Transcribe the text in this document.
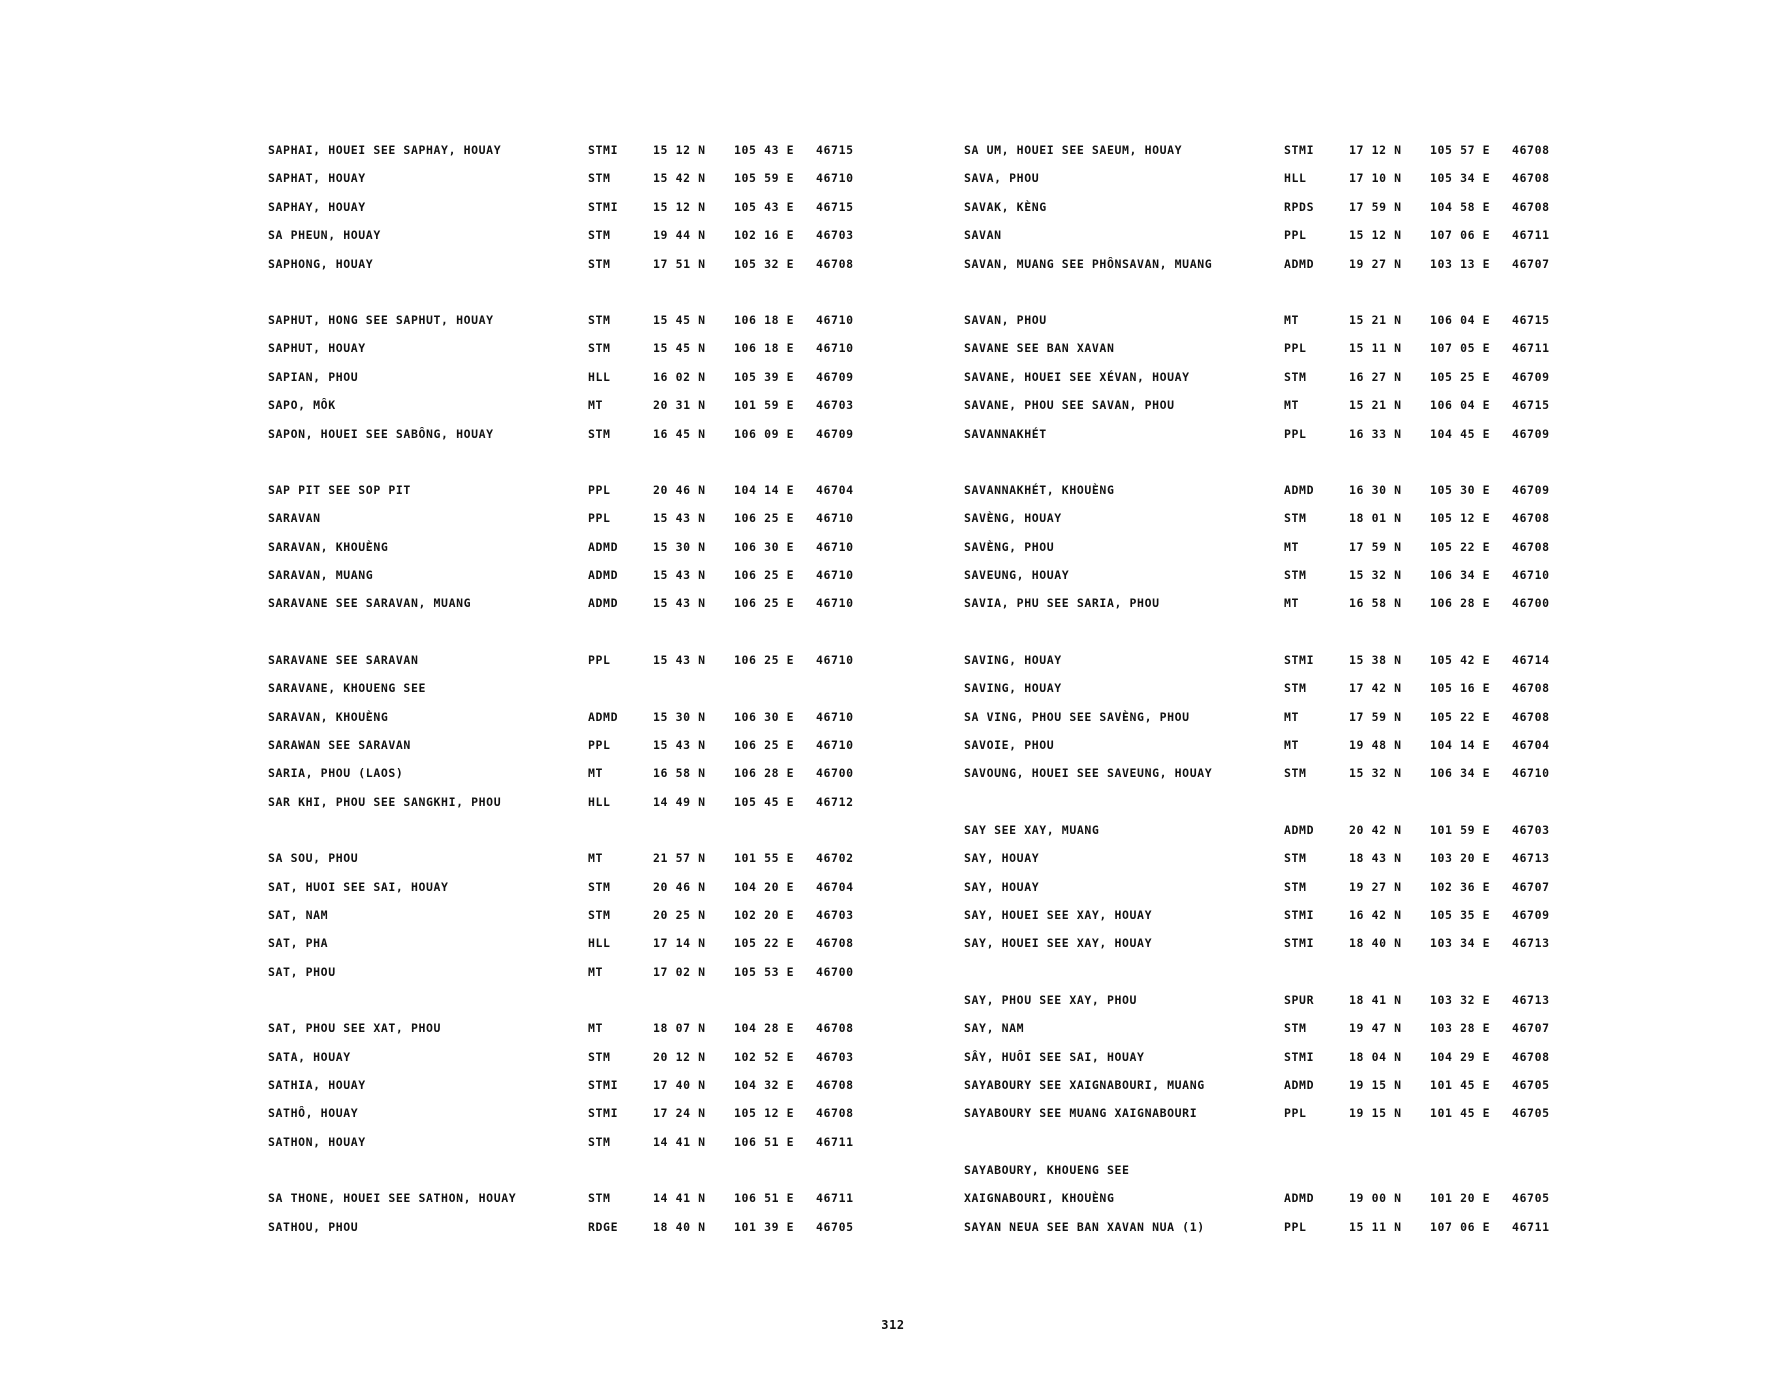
SAPHAI, HOUEI SEE SAPHAY, HOUAY	STMI	15 12 N 105 43 E 46715
SAPHAT, HOUAY	STM	15 42 N 105 59 E 46710
SAPHAY, HOUAY	STMI	15 12 N 105 43 E 46715
SA PHEUN, HOUAY	STM	19 44 N 102 16 E 46703
SAPHONG, HOUAY	STM	17 51 N 105 32 E 46708
SAPHUT, HONG SEE SAPHUT, HOUAY	STM	15 45 N 106 18 E 46710
SAPHUT, HOUAY	STM	15 45 N 106 18 E 46710
SAPIAN, PHOU	HLL	16 02 N 105 39 E 46709
SAPO, MÔK	MT	20 31 N 101 59 E 46703
SAPON, HOUEI SEE SABÔNG, HOUAY	STM	16 45 N 106 09 E 46709
SAP PIT SEE SOP PIT	PPL	20 46 N 104 14 E 46704
SARAVAN	PPL	15 43 N 106 25 E 46710
SARAVAN, KHOUÈNG	ADMD	15 30 N 106 30 E 46710
SARAVAN, MUANG	ADMD	15 43 N 106 25 E 46710
SARAVANE SEE SARAVAN, MUANG	ADMD	15 43 N 106 25 E 46710
SARAVANE SEE SARAVAN	PPL	15 43 N 106 25 E 46710
SARAVANE, KHOUENG SEE
SARAVAN, KHOUÈNG	ADMD	15 30 N 106 30 E 46710
SARAWAN SEE SARAVAN	PPL	15 43 N 106 25 E 46710
SARIA, PHOU (LAOS)	MT	16 58 N 106 28 E 46700
SAR KHI, PHOU SEE SANGKHI, PHOU	HLL	14 49 N 105 45 E 46712
SA SOU, PHOU	MT	21 57 N 101 55 E 46702
SAT, HUOI SEE SAI, HOUAY	STM	20 46 N 104 20 E 46704
SAT, NAM	STM	20 25 N 102 20 E 46703
SAT, PHA	HLL	17 14 N 105 22 E 46708
SAT, PHOU	MT	17 02 N 105 53 E 46700
SAT, PHOU SEE XAT, PHOU	MT	18 07 N 104 28 E 46708
SATA, HOUAY	STM	20 12 N 102 52 E 46703
SATHIA, HOUAY	STMI	17 40 N 104 32 E 46708
SATHÔ, HOUAY	STMI	17 24 N 105 12 E 46708
SATHON, HOUAY	STM	14 41 N 106 51 E 46711
SA THONE, HOUEI SEE SATHON, HOUAY	STM	14 41 N 106 51 E 46711
SATHOU, PHOU	RDGE	18 40 N 101 39 E 46705
SA UM, HOUEI SEE SAEUM, HOUAY	STMI	17 12 N 105 57 E 46708
SAVA, PHOU	HLL	17 10 N 105 34 E 46708
SAVAK, KÈNG	RPDS	17 59 N 104 58 E 46708
SAVAN	PPL	15 12 N 107 06 E 46711
SAVAN, MUANG SEE PHÔNSAVAN, MUANG	ADMD	19 27 N 103 13 E 46707
SAVAN, PHOU	MT	15 21 N 106 04 E 46715
SAVANE SEE BAN XAVAN	PPL	15 11 N 107 05 E 46711
SAVANE, HOUEI SEE XÉVAN, HOUAY	STM	16 27 N 105 25 E 46709
SAVANE, PHOU SEE SAVAN, PHOU	MT	15 21 N 106 04 E 46715
SAVANNAKHÉT	PPL	16 33 N 104 45 E 46709
SAVANNAKHÉT, KHOUÈNG	ADMD	16 30 N 105 30 E 46709
SAVÈNG, HOUAY	STM	18 01 N 105 12 E 46708
SAVÈNG, PHOU	MT	17 59 N 105 22 E 46708
SAVEUNG, HOUAY	STM	15 32 N 106 34 E 46710
SAVIA, PHU SEE SARIA, PHOU	MT	16 58 N 106 28 E 46700
SAVING, HOUAY	STMI	15 38 N 105 42 E 46714
SAVING, HOUAY	STM	17 42 N 105 16 E 46708
SA VING, PHOU SEE SAVÈNG, PHOU	MT	17 59 N 105 22 E 46708
SAVOIE, PHOU	MT	19 48 N 104 14 E 46704
SAVOUNG, HOUEI SEE SAVEUNG, HOUAY	STM	15 32 N 106 34 E 46710
SAY SEE XAY, MUANG	ADMD	20 42 N 101 59 E 46703
SAY, HOUAY	STM	18 43 N 103 20 E 46713
SAY, HOUAY	STM	19 27 N 102 36 E 46707
SAY, HOUEI SEE XAY, HOUAY	STMI	16 42 N 105 35 E 46709
SAY, HOUEI SEE XAY, HOUAY	STMI	18 40 N 103 34 E 46713
SAY, PHOU SEE XAY, PHOU	SPUR	18 41 N 103 32 E 46713
SAY, NAM	STM	19 47 N 103 28 E 46707
SÂY, HUÔI SEE SAI, HOUAY	STMI	18 04 N 104 29 E 46708
SAYABOURY SEE XAIGNABOURI, MUANG	ADMD	19 15 N 101 45 E 46705
SAYABOURY SEE MUANG XAIGNABOURI	PPL	19 15 N 101 45 E 46705
SAYABOURY, KHOUENG SEE
XAIGNABOURI, KHOUÈNG	ADMD	19 00 N 101 20 E 46705
SAYAN NEUA SEE BAN XAVAN NUA (1)	PPL	15 11 N 107 06 E 46711
312
